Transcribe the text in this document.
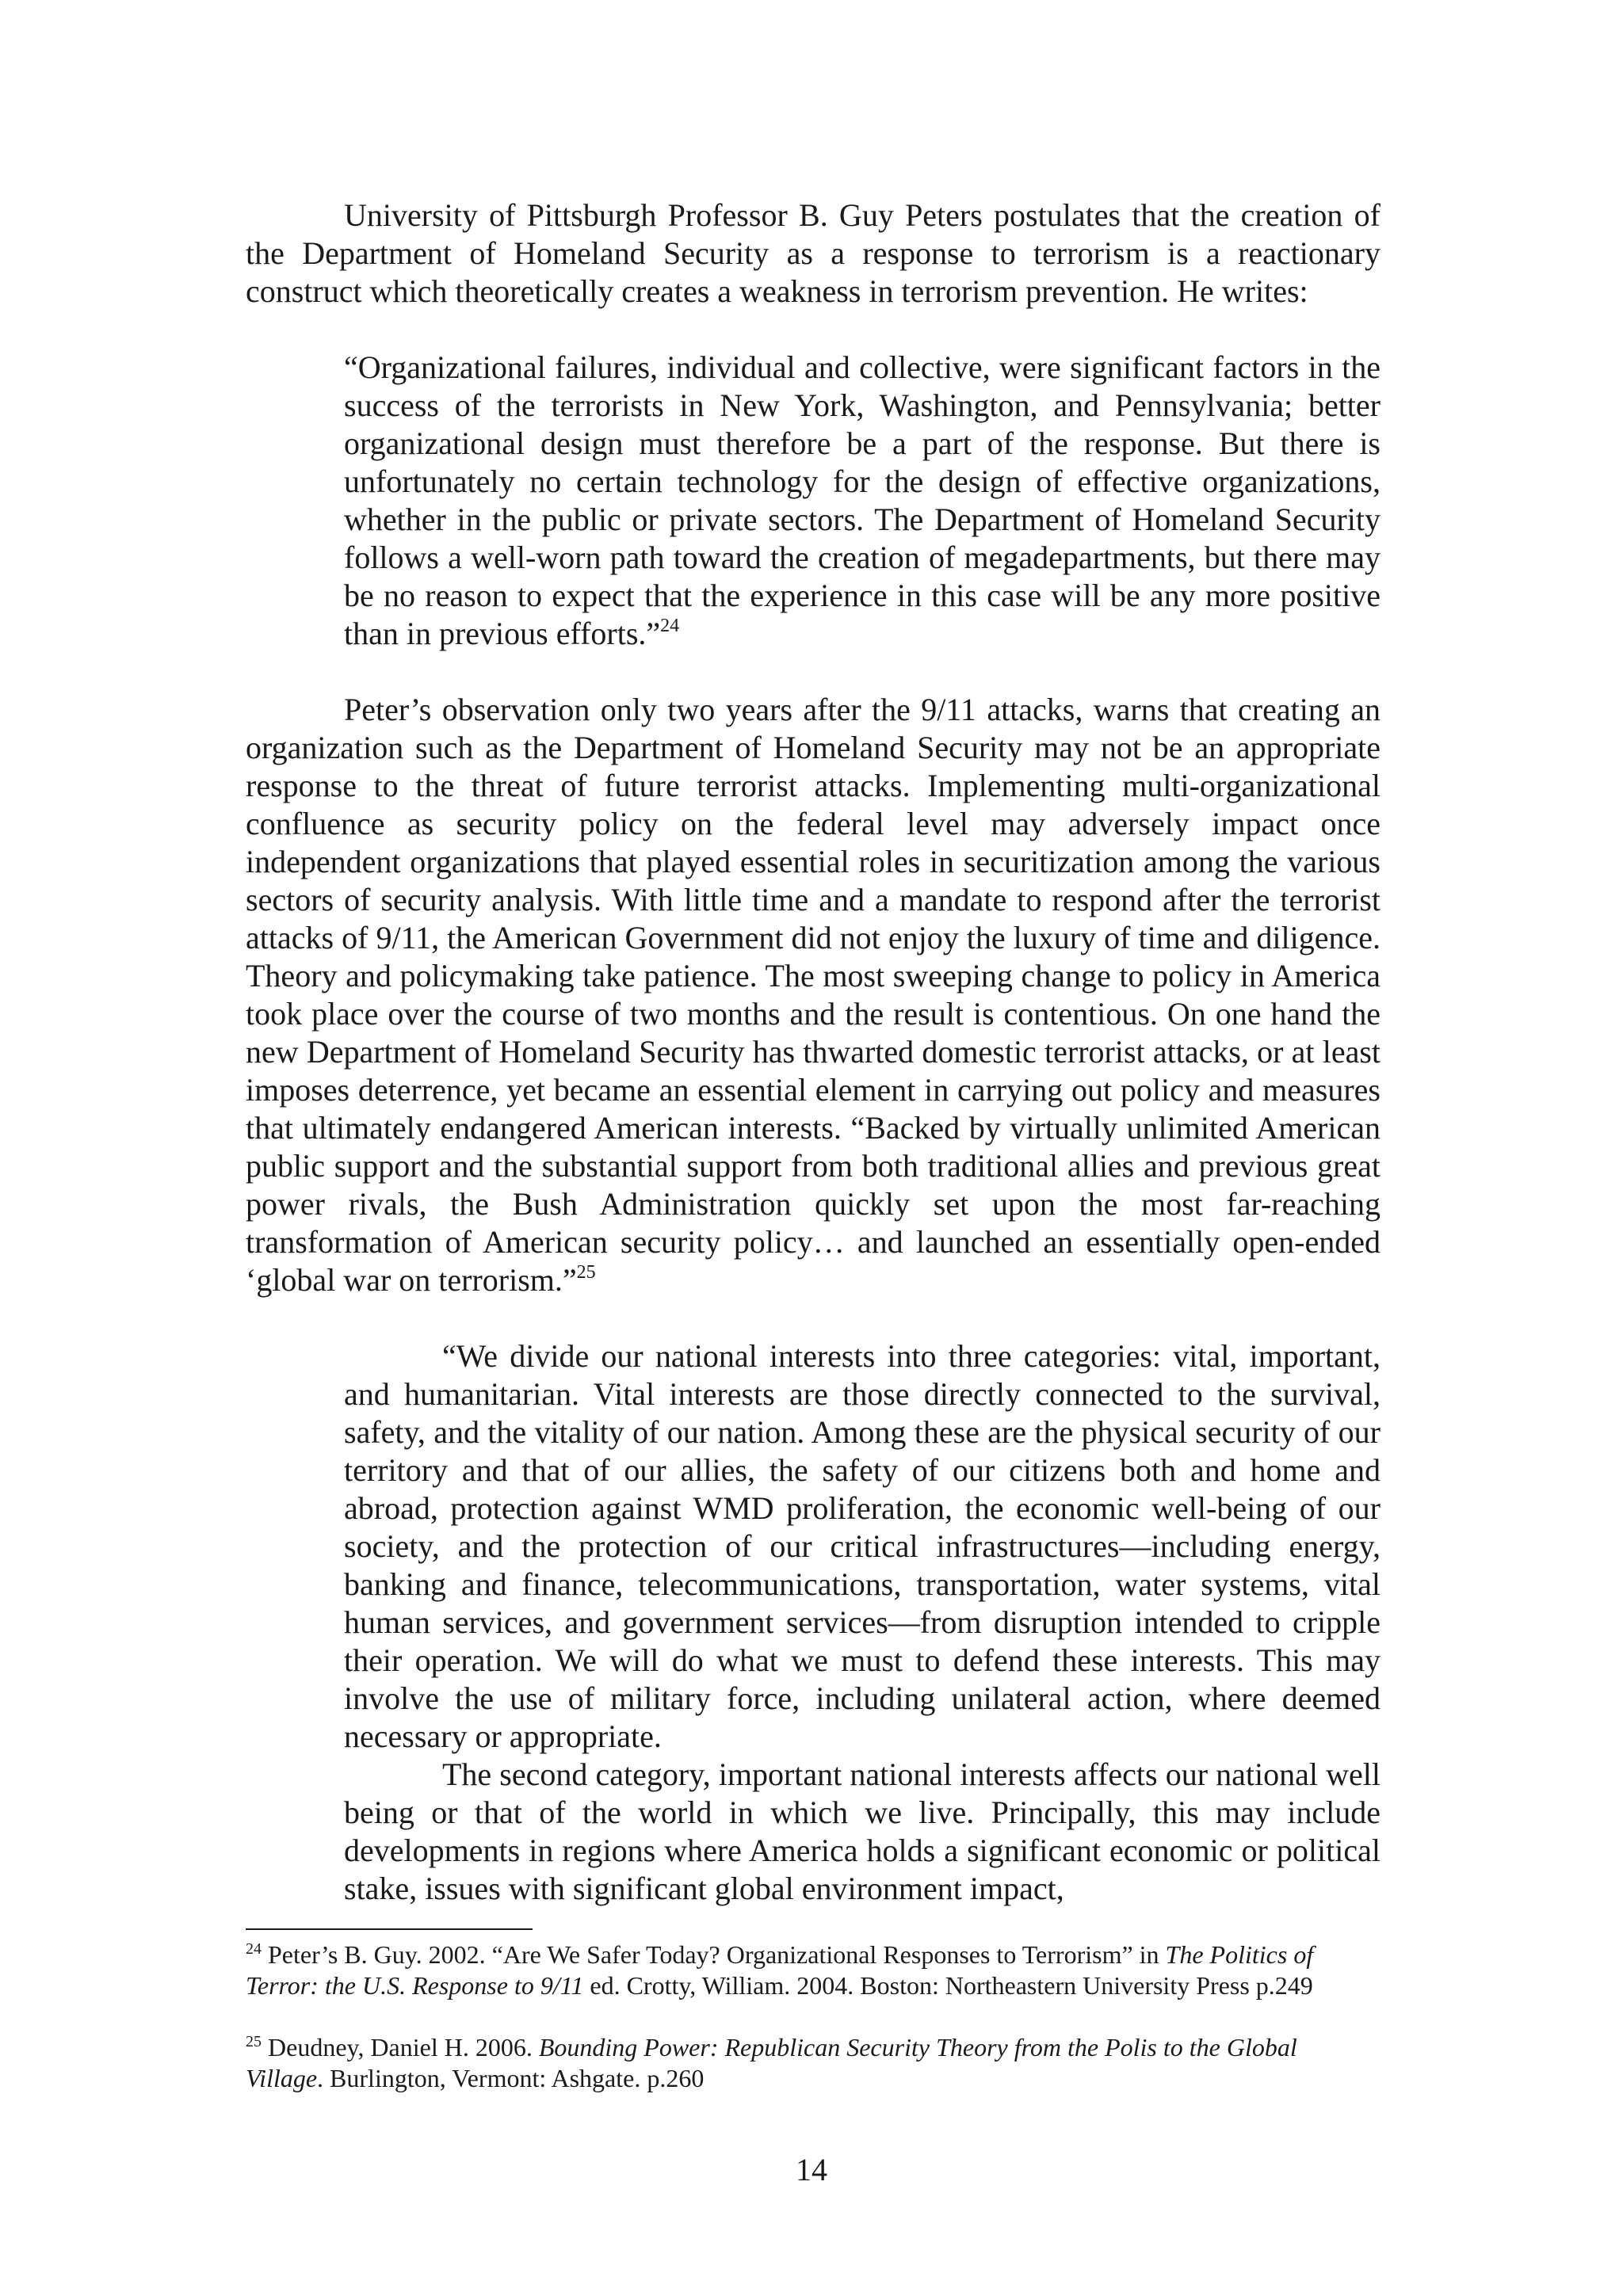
University of Pittsburgh Professor B. Guy Peters postulates that the creation of the Department of Homeland Security as a response to terrorism is a reactionary construct which theoretically creates a weakness in terrorism prevention. He writes:

“Organizational failures, individual and collective, were significant factors in the success of the terrorists in New York, Washington, and Pennsylvania; better organizational design must therefore be a part of the response. But there is unfortunately no certain technology for the design of effective organizations, whether in the public or private sectors. The Department of Homeland Security follows a well-worn path toward the creation of megadepartments, but there may be no reason to expect that the experience in this case will be any more positive than in previous efforts.”$^{24}$

Peter’s observation only two years after the 9/11 attacks, warns that creating an organization such as the Department of Homeland Security may not be an appropriate response to the threat of future terrorist attacks. Implementing multi-organizational confluence as security policy on the federal level may adversely impact once independent organizations that played essential roles in securitization among the various sectors of security analysis. With little time and a mandate to respond after the terrorist attacks of 9/11, the American Government did not enjoy the luxury of time and diligence. Theory and policymaking take patience. The most sweeping change to policy in America took place over the course of two months and the result is contentious. On one hand the new Department of Homeland Security has thwarted domestic terrorist attacks, or at least imposes deterrence, yet became an essential element in carrying out policy and measures that ultimately endangered American interests. “Backed by virtually unlimited American public support and the substantial support from both traditional allies and previous great power rivals, the Bush Administration quickly set upon the most far-reaching transformation of American security policy… and launched an essentially open-ended ‘global war on terrorism.”$^{25}$

“We divide our national interests into three categories: vital, important, and humanitarian. Vital interests are those directly connected to the survival, safety, and the vitality of our nation. Among these are the physical security of our territory and that of our allies, the safety of our citizens both and home and abroad, protection against WMD proliferation, the economic well-being of our society, and the protection of our critical infrastructures—including energy, banking and finance, telecommunications, transportation, water systems, vital human services, and government services—from disruption intended to cripple their operation. We will do what we must to defend these interests. This may involve the use of military force, including unilateral action, where deemed necessary or appropriate.

The second category, important national interests affects our national well being or that of the world in which we live. Principally, this may include developments in regions where America holds a significant economic or political stake, issues with significant global environment impact,

$^{24}$ Peter’s B. Guy. 2002. “Are We Safer Today? Organizational Responses to Terrorism” in The Politics of Terror: the U.S. Response to 9/11 ed. Crotty, William. 2004. Boston: Northeastern University Press p.249

$^{25}$ Deudney, Daniel H. 2006. Bounding Power: Republican Security Theory from the Polis to the Global Village. Burlington, Vermont: Ashgate. p.260

14
